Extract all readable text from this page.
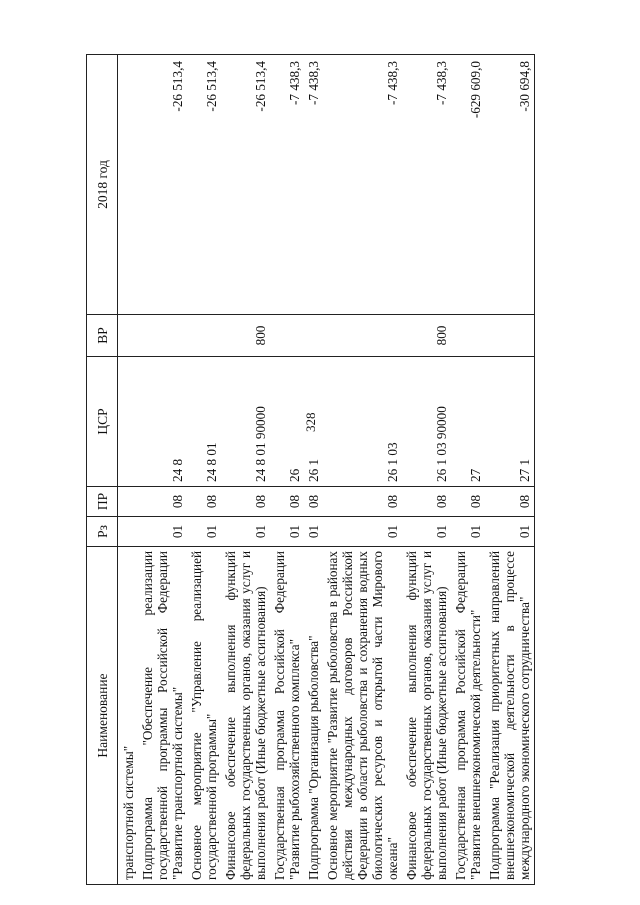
328
Наименование	Рз	ПР	ЦСР	ВР	2018 год
транспортной системы"					
Подпрограмма "Обеспечение реализации государственной программы Российской Федерации "Развитие транспортной системы"	01	08	24 8		-26 513,4
Основное мероприятие "Управление реализацией государственной программы"	01	08	24 8 01		-26 513,4
Финансовое обеспечение выполнения функций федеральных государственных органов, оказания услуг и выполнения работ (Иные бюджетные ассигнования)	01	08	24 8 01 90000	800	-26 513,4
Государственная программа Российской Федерации "Развитие рыбохозяйственного комплекса"	01	08	26		-7 438,3
Подпрограмма "Организация рыболовства"	01	08	26 1		-7 438,3
Основное мероприятие "Развитие рыболовства в районах действия международных договоров Российской Федерации в области рыболовства и сохранения водных биологических ресурсов и открытой части Мирового океана"	01	08	26 1 03		-7 438,3
Финансовое обеспечение выполнения функций федеральных государственных органов, оказания услуг и выполнения работ (Иные бюджетные ассигнования)	01	08	26 1 03 90000	800	-7 438,3
Государственная программа Российской Федерации "Развитие внешнеэкономической деятельности"	01	08	27		-629 609,0
Подпрограмма "Реализация приоритетных направлений внешнеэкономической деятельности в процессе международного экономического сотрудничества"	01	08	27 1		-30 694,8
